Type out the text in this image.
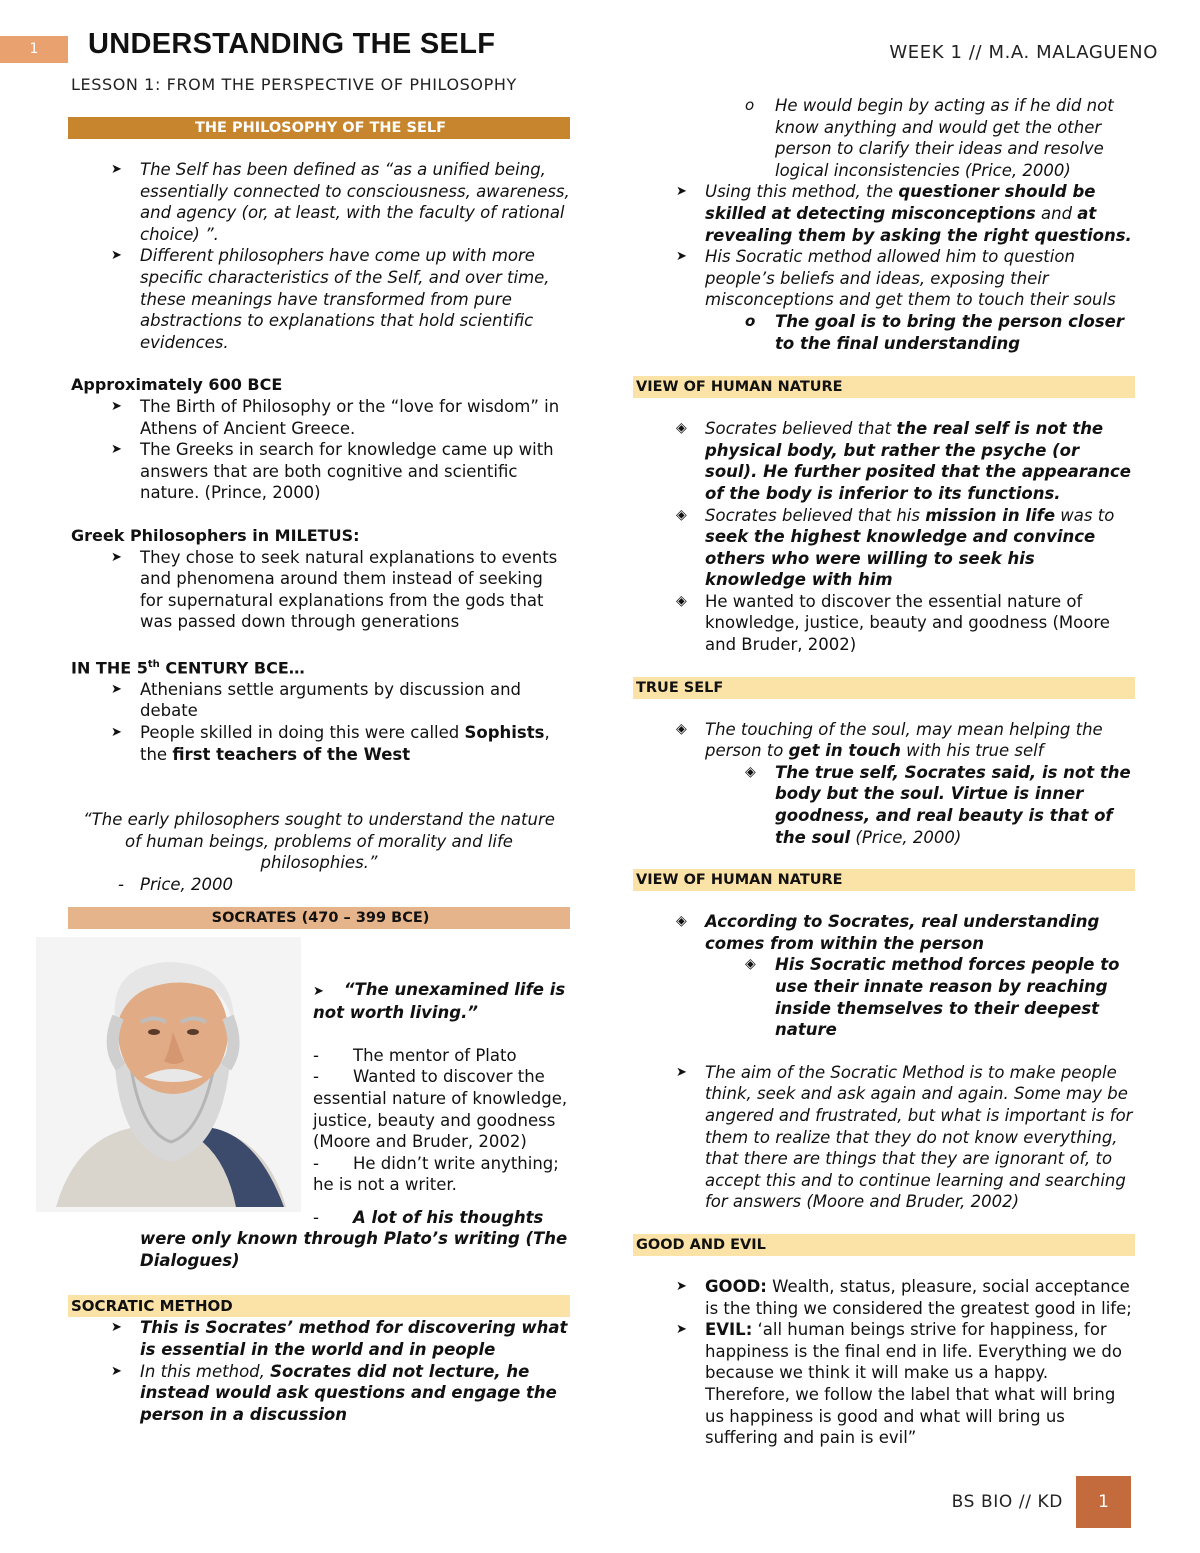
1	UNDERSTANDING THE SELF
LESSON 1: FROM THE PERSPECTIVE OF PHILOSOPHY
WEEK 1 // M.A. MALAGUENO
THE PHILOSOPHY OF THE SELF
➤ The Self has been defined as “as a unified being, essentially connected to consciousness, awareness, and agency (or, at least, with the faculty of rational choice) ”.
➤ Different philosophers have come up with more specific characteristics of the Self, and over time, these meanings have transformed from pure abstractions to explanations that hold scientific evidences.
Approximately 600 BCE
➤ The Birth of Philosophy or the “love for wisdom” in Athens of Ancient Greece.
➤ The Greeks in search for knowledge came up with answers that are both cognitive and scientific nature. (Prince, 2000)
Greek Philosophers in MILETUS:
➤ They chose to seek natural explanations to events and phenomena around them instead of seeking for supernatural explanations from the gods that was passed down through generations
IN THE 5th CENTURY BCE…
➤ Athenians settle arguments by discussion and debate
➤ People skilled in doing this were called Sophists, the first teachers of the West
“The early philosophers sought to understand the nature of human beings, problems of morality and life philosophies.”
- Price, 2000
SOCRATES (470 – 399 BCE)
➤ “The unexamined life is not worth living.”
- The mentor of Plato
- Wanted to discover the essential nature of knowledge, justice, beauty and goodness (Moore and Bruder, 2002)
- He didn’t write anything; he is not a writer.
-	A lot of his thoughts were only known through Plato’s writing (The Dialogues)
SOCRATIC METHOD
➤ This is Socrates’ method for discovering what is essential in the world and in people
➤ In this method, Socrates did not lecture, he instead would ask questions and engage the person in a discussion
o He would begin by acting as if he did not know anything and would get the other person to clarify their ideas and resolve logical inconsistencies (Price, 2000)
➤ Using this method, the questioner should be skilled at detecting misconceptions and at revealing them by asking the right questions.
➤ His Socratic method allowed him to question people’s beliefs and ideas, exposing their misconceptions and get them to touch their souls
o The goal is to bring the person closer to the final understanding
VIEW OF HUMAN NATURE
◈ Socrates believed that the real self is not the physical body, but rather the psyche (or soul). He further posited that the appearance of the body is inferior to its functions.
◈ Socrates believed that his mission in life was to seek the highest knowledge and convince others who were willing to seek his knowledge with him
◈ He wanted to discover the essential nature of knowledge, justice, beauty and goodness (Moore and Bruder, 2002)
TRUE SELF
◈ The touching of the soul, may mean helping the person to get in touch with his true self
◈ The true self, Socrates said, is not the body but the soul. Virtue is inner goodness, and real beauty is that of the soul (Price, 2000)
VIEW OF HUMAN NATURE
◈ According to Socrates, real understanding comes from within the person
◈ His Socratic method forces people to use their innate reason by reaching inside themselves to their deepest nature
➤ The aim of the Socratic Method is to make people think, seek and ask again and again. Some may be angered and frustrated, but what is important is for them to realize that they do not know everything, that there are things that they are ignorant of, to accept this and to continue learning and searching for answers (Moore and Bruder, 2002)
GOOD AND EVIL
➤ GOOD: Wealth, status, pleasure, social acceptance is the thing we considered the greatest good in life;
➤ EVIL: ‘all human beings strive for happiness, for happiness is the final end in life. Everything we do because we think it will make us a happy. Therefore, we follow the label that what will bring us happiness is good and what will bring us suffering and pain is evil”
BS BIO // KD	1
